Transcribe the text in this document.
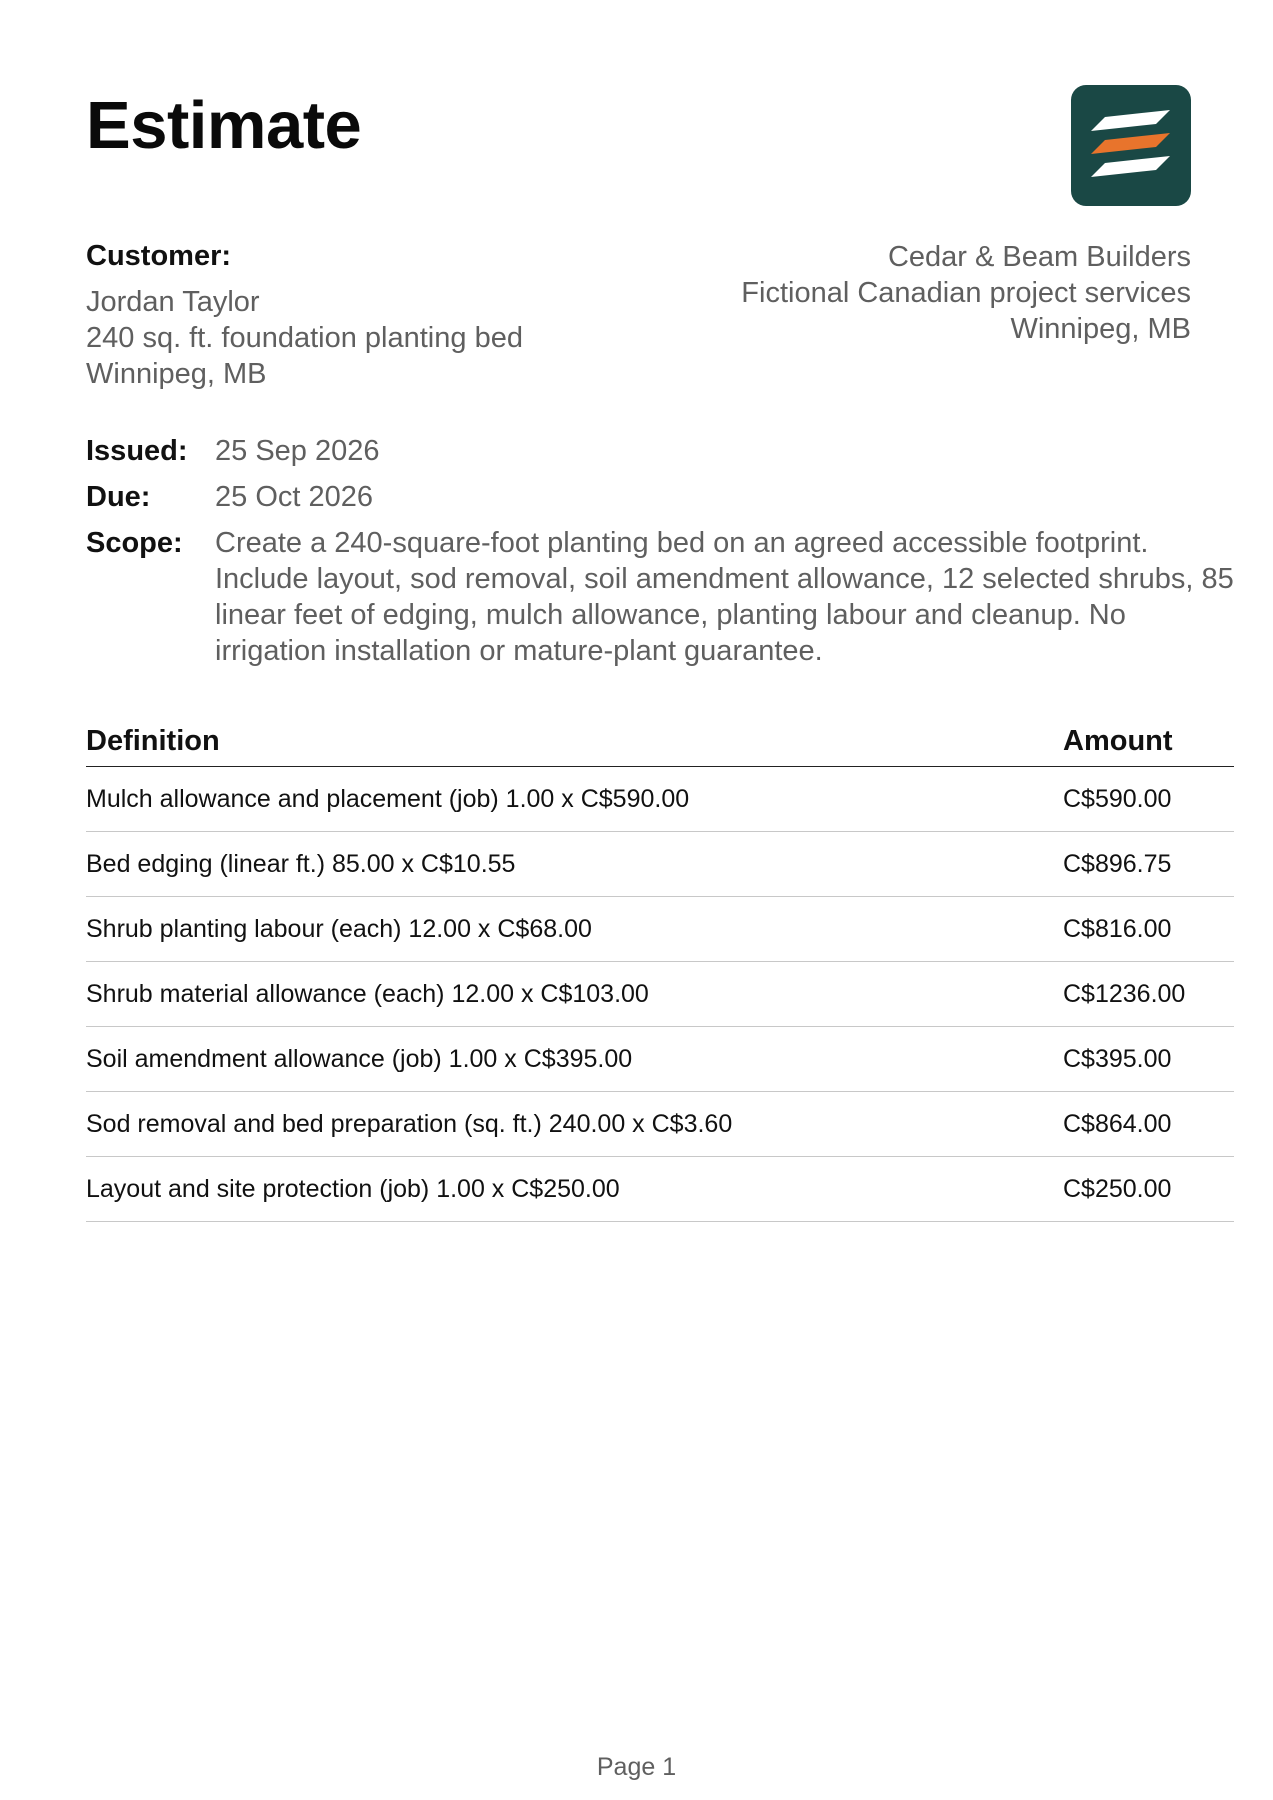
Estimate
Customer:
Jordan Taylor
240 sq. ft. foundation planting bed
Winnipeg, MB
Cedar & Beam Builders
Fictional Canadian project services
Winnipeg, MB
Issued: 25 Sep 2026
Due:	25 Oct 2026
Scope:	Create a 240-square-foot planting bed on an agreed accessible footprint. Include layout, sod removal, soil amendment allowance, 12 selected shrubs, 85 linear feet of edging, mulch allowance, planting labour and cleanup. No irrigation installation or mature-plant guarantee.
Definition	Amount
Mulch allowance and placement (job) 1.00 x C$590.00	C$590.00
Bed edging (linear ft.) 85.00 x C$10.55	C$896.75
Shrub planting labour (each) 12.00 x C$68.00	C$816.00
Shrub material allowance (each) 12.00 x C$103.00	C$1236.00
Soil amendment allowance (job) 1.00 x C$395.00	C$395.00
Sod removal and bed preparation (sq. ft.) 240.00 x C$3.60	C$864.00
Layout and site protection (job) 1.00 x C$250.00	C$250.00
Page 1
